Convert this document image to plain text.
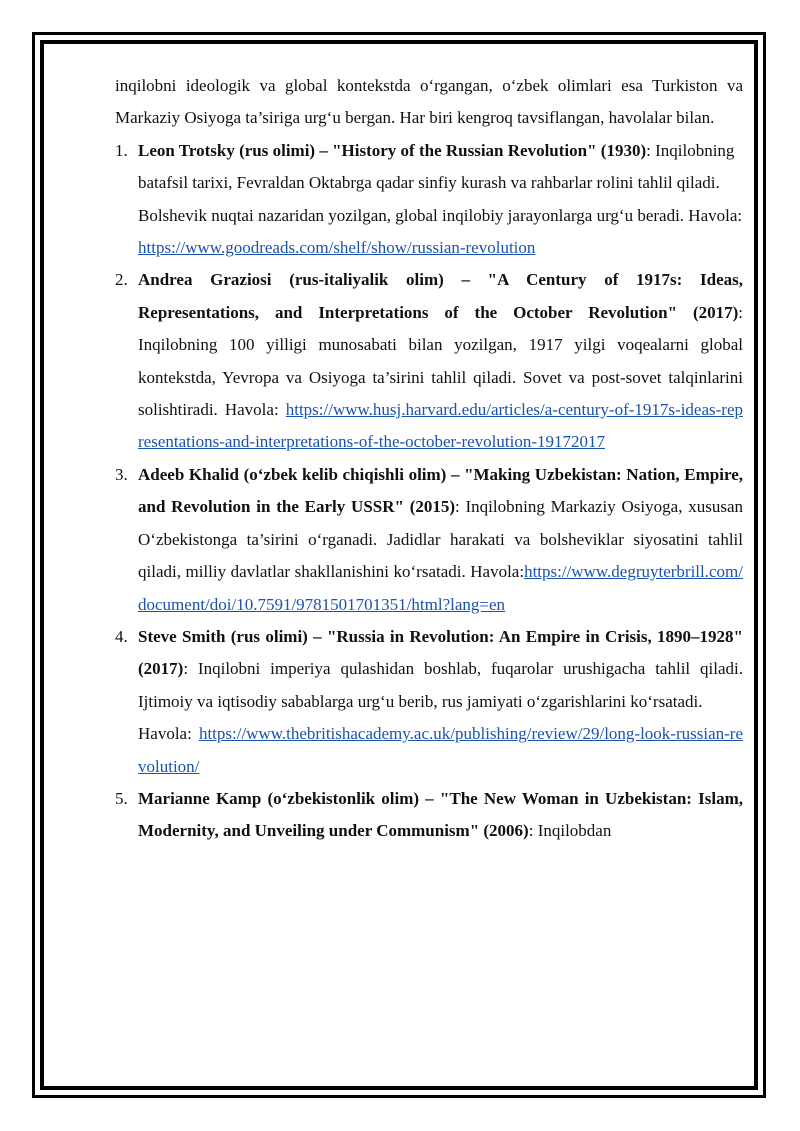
inqilobni ideologik va global kontekstda o‘rgangan, o‘zbek olimlari esa Turkiston va Markaziy Osiyoga ta’siriga urg‘u bergan. Har biri kengroq tavsiflangan, havolalar bilan.

1. Leon Trotsky (rus olimi) – "History of the Russian Revolution" (1930): Inqilobning batafsil tarixi, Fevraldan Oktabrga qadar sinfiy kurash va rahbarlar rolini tahlil qiladi. Bolshevik nuqtai nazaridan yozilgan, global inqilobiy jarayonlarga urg‘u beradi. Havola:
https://www.goodreads.com/shelf/show/russian-revolution
2. Andrea Graziosi (rus-italiyalik olim) – "A Century of 1917s: Ideas, Representations, and Interpretations of the October Revolution" (2017): Inqilobning 100 yilligi munosabati bilan yozilgan, 1917 yilgi voqealarni global kontekstda, Yevropa va Osiyoga ta’sirini tahlil qiladi. Sovet va post-sovet talqinlarini solishtiradi. Havola: https://www.husj.harvard.edu/articles/a-century-of-1917s-ideas-representations-and-interpretations-of-the-october-revolution-19172017
3. Adeeb Khalid (o‘zbek kelib chiqishli olim) – "Making Uzbekistan: Nation, Empire, and Revolution in the Early USSR" (2015): Inqilobning Markaziy Osiyoga, xususan O‘zbekistonga ta’sirini o‘rganadi. Jadidlar harakati va bolsheviklar siyosatini tahlil qiladi, milliy davlatlar shakllanishini ko‘rsatadi. Havola:https://www.degruyterbrill.com/document/doi/10.7591/9781501701351/html?lang=en
4. Steve Smith (rus olimi) – "Russia in Revolution: An Empire in Crisis, 1890–1928" (2017): Inqilobni imperiya qulashidan boshlab, fuqarolar urushigacha tahlil qiladi. Ijtimoiy va iqtisodiy sabablarga urg‘u berib, rus jamiyati o‘zgarishlarini ko‘rsatadi.
Havola: https://www.thebritishacademy.ac.uk/publishing/review/29/long-look-russian-revolution/
5. Marianne Kamp (o‘zbekistonlik olim) – "The New Woman in Uzbekistan: Islam, Modernity, and Unveiling under Communism" (2006): Inqilobdan
